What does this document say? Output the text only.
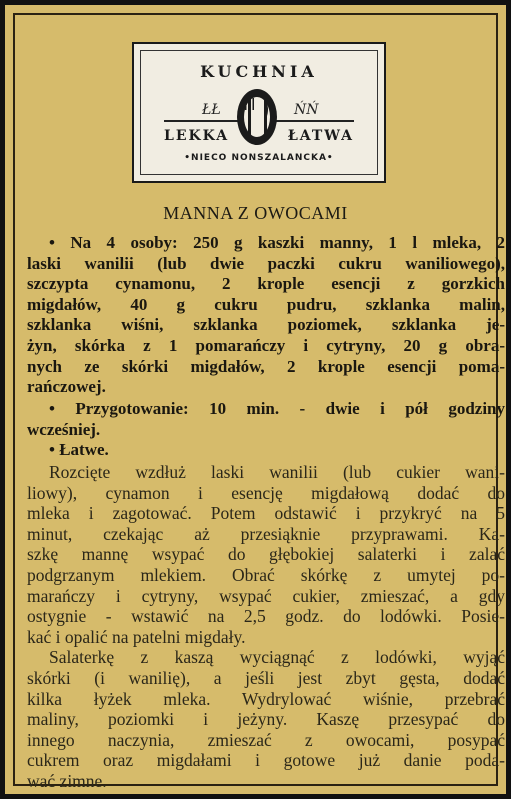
KUCHNIA
ŁŁ	ŃŃ
LEKKA	ŁATWA
•NIECO NONSZALANCKA•
MANNA Z OWOCAMI
• Na 4 osoby: 250 g kaszki manny, 1 l mleka, 2
laski wanilii (lub dwie paczki cukru waniliowego),
szczypta cynamonu, 2 krople esencji z gorzkich
migdałów, 40 g cukru pudru, szklanka malin,
szklanka wiśni, szklanka poziomek, szklanka je-
żyn, skórka z 1 pomarańczy i cytryny, 20 g obra-
nych ze skórki migdałów, 2 krople esencji poma-
rańczowej.
• Przygotowanie: 10 min. - dwie i pół godziny
wcześniej.
• Łatwe.
Rozcięte wzdłuż laski wanilii (lub cukier wani-
liowy), cynamon i esencję migdałową dodać do
mleka i zagotować. Potem odstawić i przykryć na 5
minut, czekając aż przesiąknie przyprawami. Ka-
szkę mannę wsypać do głębokiej salaterki i zalać
podgrzanym mlekiem. Obrać skórkę z umytej po-
marańczy i cytryny, wsypać cukier, zmieszać, a gdy
ostygnie - wstawić na 2,5 godz. do lodówki. Posie-
kać i opalić na patelni migdały.
Salaterkę z kaszą wyciągnąć z lodówki, wyjąć
skórki (i wanilię), a jeśli jest zbyt gęsta, dodać
kilka łyżek mleka. Wydrylować wiśnie, przebrać
maliny, poziomki i jeżyny. Kaszę przesypać do
innego naczynia, zmieszać z owocami, posypać
cukrem oraz migdałami i gotowe już danie poda-
wać zimne.
